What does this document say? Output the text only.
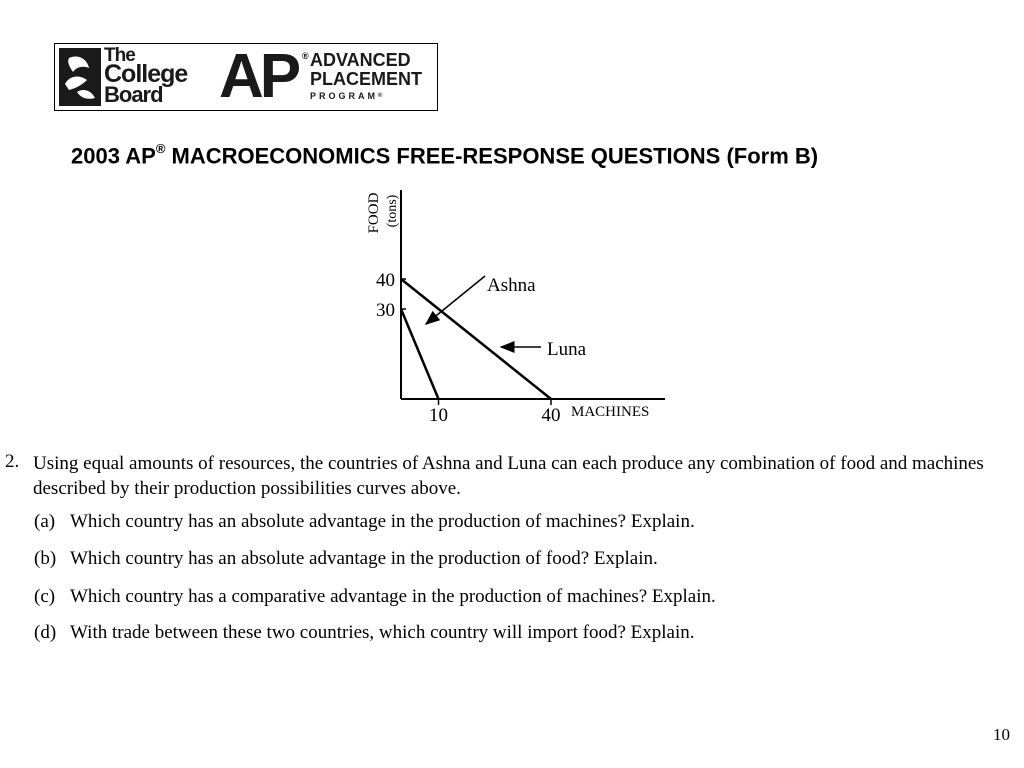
The
College
Board AP ® ADVANCED
PLACEMENT
PROGRAM®
2003 AP® MACROECONOMICS FREE-RESPONSE QUESTIONS (Form B)
FOOD (tons)
40
30
10	40 MACHINES
Ashna
Luna
2. Using equal amounts of resources, the countries of Ashna and Luna can each produce any combination of food and machines described by their production possibilities curves above.
(a) Which country has an absolute advantage in the production of machines? Explain.
(b) Which country has an absolute advantage in the production of food? Explain.
(c) Which country has a comparative advantage in the production of machines? Explain.
(d) With trade between these two countries, which country will import food? Explain.
10
